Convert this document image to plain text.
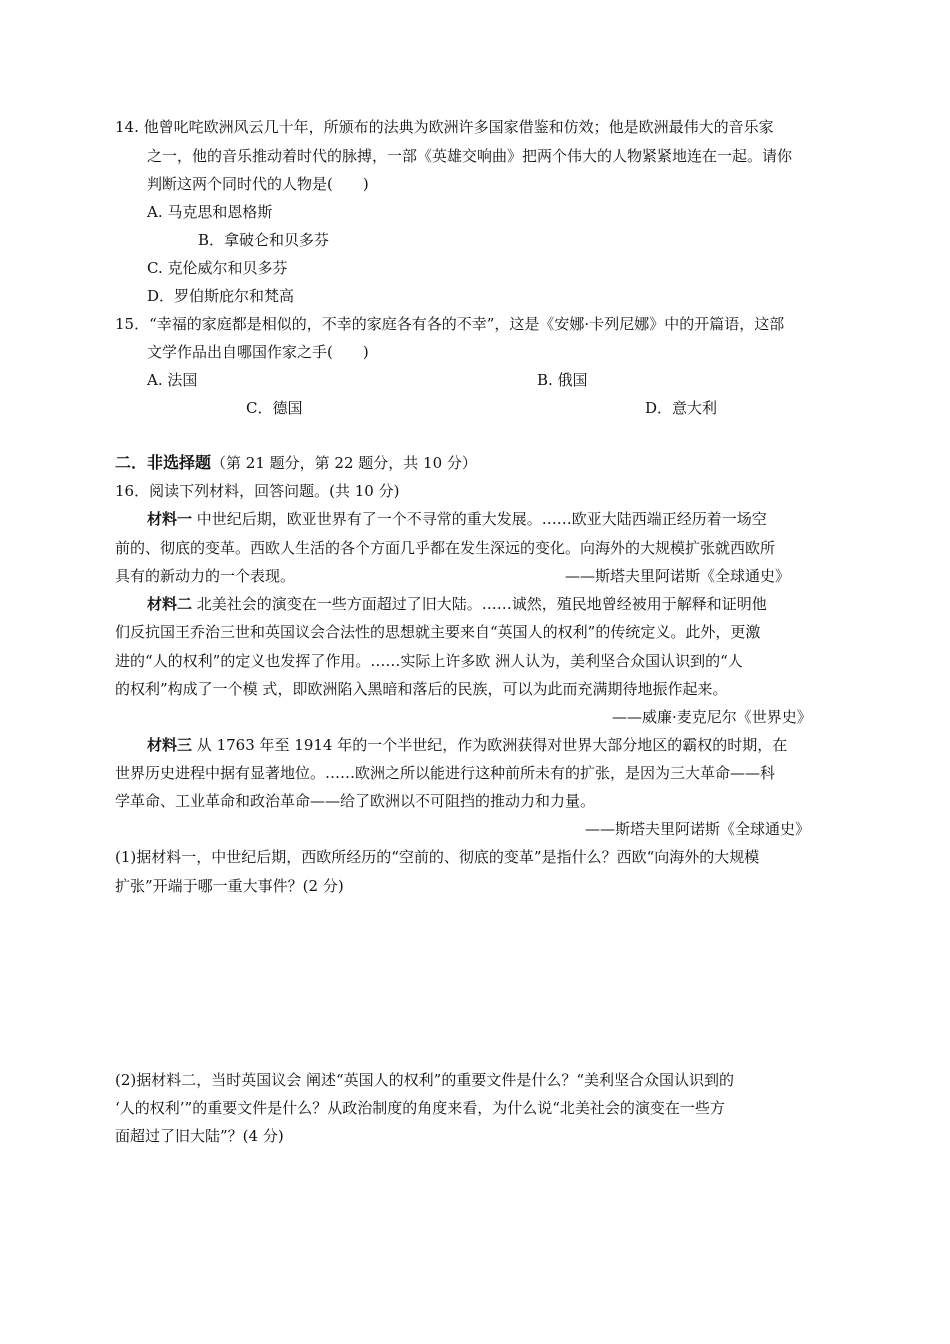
14. 他曾叱咤欧洲风云几十年，所颁布的法典为欧洲许多国家借鉴和仿效；他是欧洲最伟大的音乐家
之一，他的音乐推动着时代的脉搏，一部《英雄交响曲》把两个伟大的人物紧紧地连在一起。请你
判断这两个同时代的人物是(　　)
A. 马克思和恩格斯
B．拿破仑和贝多芬
C. 克伦威尔和贝多芬
D．罗伯斯庇尔和梵高
15．“幸福的家庭都是相似的，不幸的家庭各有各的不幸”，这是《安娜·卡列尼娜》中的开篇语，这部
文学作品出自哪国作家之手(　　)
A. 法国	B. 俄国
C．德国	D．意大利
二．非选择题（第 21 题分，第 22 题分，共 10 分）
16．阅读下列材料，回答问题。(共 10 分)
材料一 中世纪后期，欧亚世界有了一个不寻常的重大发展。……欧亚大陆西端正经历着一场空
前的、彻底的变革。西欧人生活的各个方面几乎都在发生深远的变化。向海外的大规模扩张就西欧所
具有的新动力的一个表现。	——斯塔夫里阿诺斯《全球通史》
材料二 北美社会的演变在一些方面超过了旧大陆。……诚然，殖民地曾经被用于解释和证明他
们反抗国王乔治三世和英国议会合法性的思想就主要来自“英国人的权利”的传统定义。此外，更激
进的“人的权利”的定义也发挥了作用。……实际上许多欧 洲人认为，美利坚合众国认识到的“人
的权利”构成了一个模 式，即欧洲陷入黑暗和落后的民族，可以为此而充满期待地振作起来。
——威廉·麦克尼尔《世界史》
材料三 从 1763 年至 1914 年的一个半世纪，作为欧洲获得对世界大部分地区的霸权的时期，在
世界历史进程中据有显著地位。……欧洲之所以能进行这种前所未有的扩张，是因为三大革命——科
学革命、工业革命和政治革命——给了欧洲以不可阻挡的推动力和力量。
——斯塔夫里阿诺斯《全球通史》
(1)据材料一，中世纪后期，西欧所经历的“空前的、彻底的变革”是指什么？西欧“向海外的大规模
扩张”开端于哪一重大事件？(2 分)
(2)据材料二，当时英国议会 阐述“英国人的权利”的重要文件是什么？“美利坚合众国认识到的
‘人的权利’”的重要文件是什么？从政治制度的角度来看，为什么说“北美社会的演变在一些方
面超过了旧大陆”？(4 分)
